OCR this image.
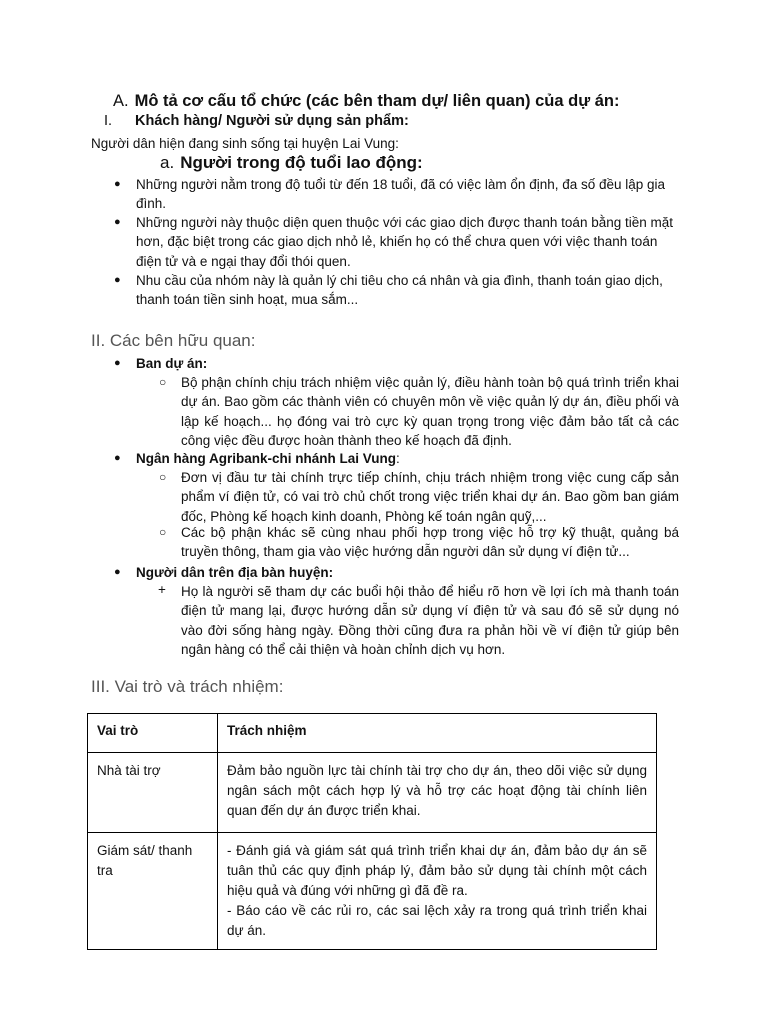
A. Mô tả cơ cấu tổ chức (các bên tham dự/ liên quan) của dự án:
I. Khách hàng/ Người sử dụng sản phẩm:
Người dân hiện đang sinh sống tại huyện Lai Vung:
a. Người trong độ tuổi lao động:
● Những người nằm trong độ tuổi từ đến 18 tuổi, đã có việc làm ổn định, đa số đều lập gia đình.
● Những người này thuộc diện quen thuộc với các giao dịch được thanh toán bằng tiền mặt hơn, đặc biệt trong các giao dịch nhỏ lẻ, khiến họ có thể chưa quen với việc thanh toán điện tử và e ngại thay đổi thói quen.
● Nhu cầu của nhóm này là quản lý chi tiêu cho cá nhân và gia đình, thanh toán giao dịch, thanh toán tiền sinh hoạt, mua sắm...
II. Các bên hữu quan:
● Ban dự án:
○ Bộ phận chính chịu trách nhiệm việc quản lý, điều hành toàn bộ quá trình triển khai dự án. Bao gồm các thành viên có chuyên môn về việc quản lý dự án, điều phối và lập kế hoạch... họ đóng vai trò cực kỳ quan trọng trong việc đảm bảo tất cả các công việc đều được hoàn thành theo kế hoạch đã định.
● Ngân hàng Agribank-chi nhánh Lai Vung:
○ Đơn vị đầu tư tài chính trực tiếp chính, chịu trách nhiệm trong việc cung cấp sản phẩm ví điện tử, có vai trò chủ chốt trong việc triển khai dự án. Bao gồm ban giám đốc, Phòng kế hoạch kinh doanh, Phòng kế toán ngân quỹ,...
○ Các bộ phận khác sẽ cùng nhau phối hợp trong việc hỗ trợ kỹ thuật, quảng bá truyền thông, tham gia vào việc hướng dẫn người dân sử dụng ví điện tử...
● Người dân trên địa bàn huyện:
+ Họ là người sẽ tham dự các buổi hội thảo để hiểu rõ hơn về lợi ích mà thanh toán điện tử mang lại, được hướng dẫn sử dụng ví điện tử và sau đó sẽ sử dụng nó vào đời sống hàng ngày. Đồng thời cũng đưa ra phản hồi về ví điện tử giúp bên ngân hàng có thể cải thiện và hoàn chỉnh dịch vụ hơn.
III. Vai trò và trách nhiệm:
Vai trò	Trách nhiệm
Nhà tài trợ	Đảm bảo nguồn lực tài chính tài trợ cho dự án, theo dõi việc sử dụng ngân sách một cách hợp lý và hỗ trợ các hoạt động tài chính liên quan đến dự án được triển khai.

Giám sát/ thanh tra	- Đánh giá và giám sát quá trình triển khai dự án, đảm bảo dự án sẽ tuân thủ các quy định pháp lý, đảm bảo sử dụng tài chính một cách hiệu quả và đúng với những gì đã đề ra.
- Báo cáo về các rủi ro, các sai lệch xảy ra trong quá trình triển khai dự án.
